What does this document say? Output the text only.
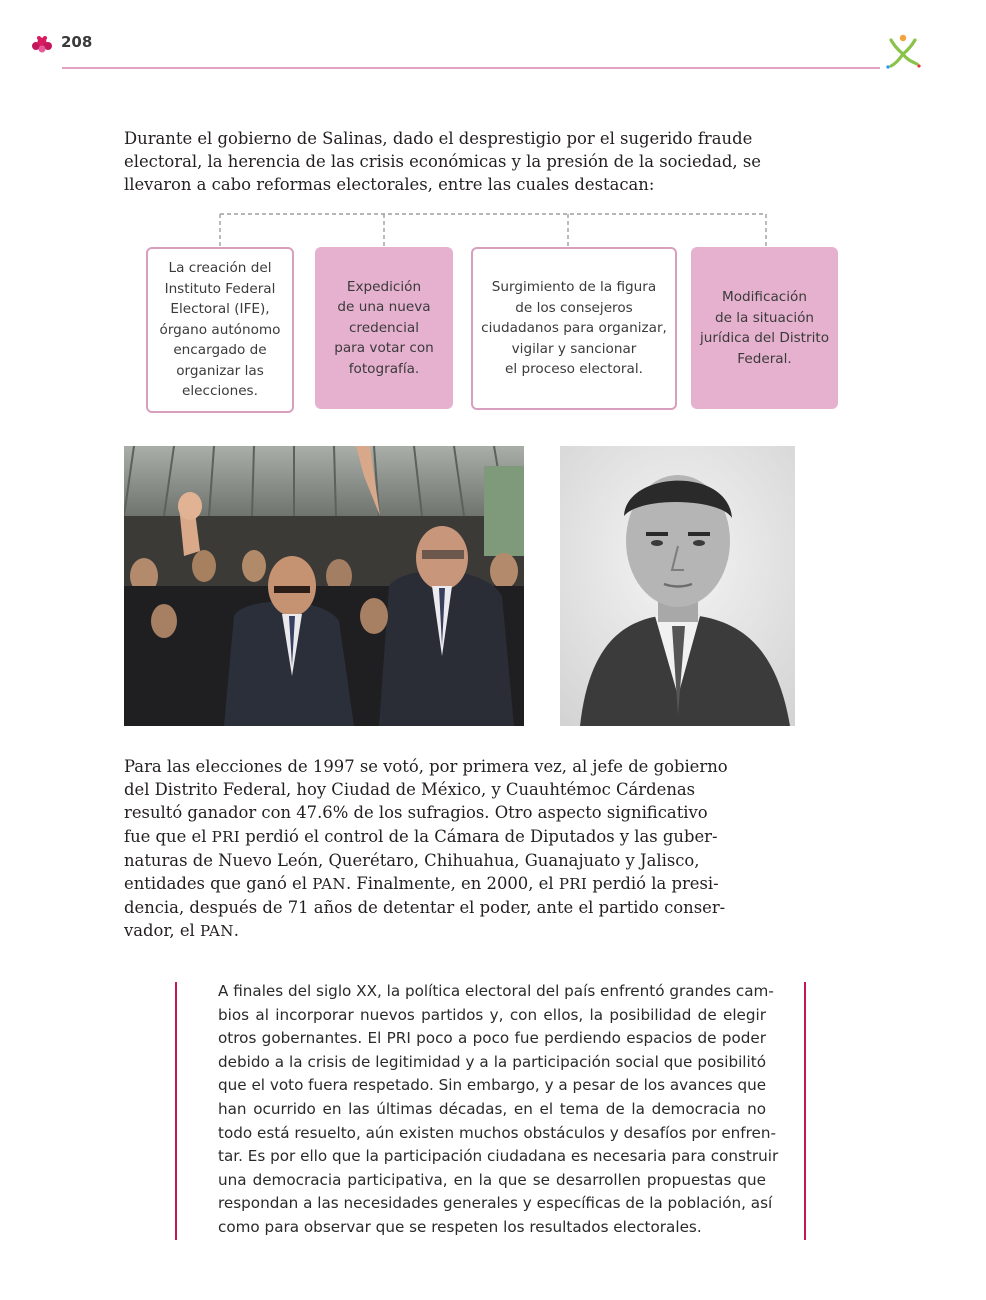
208
Durante el gobierno de Salinas, dado el desprestigio por el sugerido fraude
electoral, la herencia de las crisis económicas y la presión de la sociedad, se
llevaron a cabo reformas electorales, entre las cuales destacan:
La creación del
Instituto Federal
Electoral (IFE),
órgano autónomo
encargado de
organizar las
elecciones.
Expedición
de una nueva
credencial
para votar con
fotografía.
Surgimiento de la figura
de los consejeros
ciudadanos para organizar,
vigilar y sancionar
el proceso electoral.
Modificación
de la situación
jurídica del Distrito
Federal.
Para las elecciones de 1997 se votó, por primera vez, al jefe de gobierno
del Distrito Federal, hoy Ciudad de México, y Cuauhtémoc Cárdenas
resultó ganador con 47.6% de los sufragios. Otro aspecto significativo
fue que el PRI perdió el control de la Cámara de Diputados y las guber-
naturas de Nuevo León, Querétaro, Chihuahua, Guanajuato y Jalisco,
entidades que ganó el PAN. Finalmente, en 2000, el PRI perdió la presi-
dencia, después de 71 años de detentar el poder, ante el partido conser-
vador, el PAN.
A finales del siglo XX, la política electoral del país enfrentó grandes cam-
bios al incorporar nuevos partidos y, con ellos, la posibilidad de elegir
otros gobernantes. El PRI poco a poco fue perdiendo espacios de poder
debido a la crisis de legitimidad y a la participación social que posibilitó
que el voto fuera respetado. Sin embargo, y a pesar de los avances que
han ocurrido en las últimas décadas, en el tema de la democracia no
todo está resuelto, aún existen muchos obstáculos y desafíos por enfren-
tar. Es por ello que la participación ciudadana es necesaria para construir
una democracia participativa, en la que se desarrollen propuestas que
respondan a las necesidades generales y específicas de la población, así
como para observar que se respeten los resultados electorales.
